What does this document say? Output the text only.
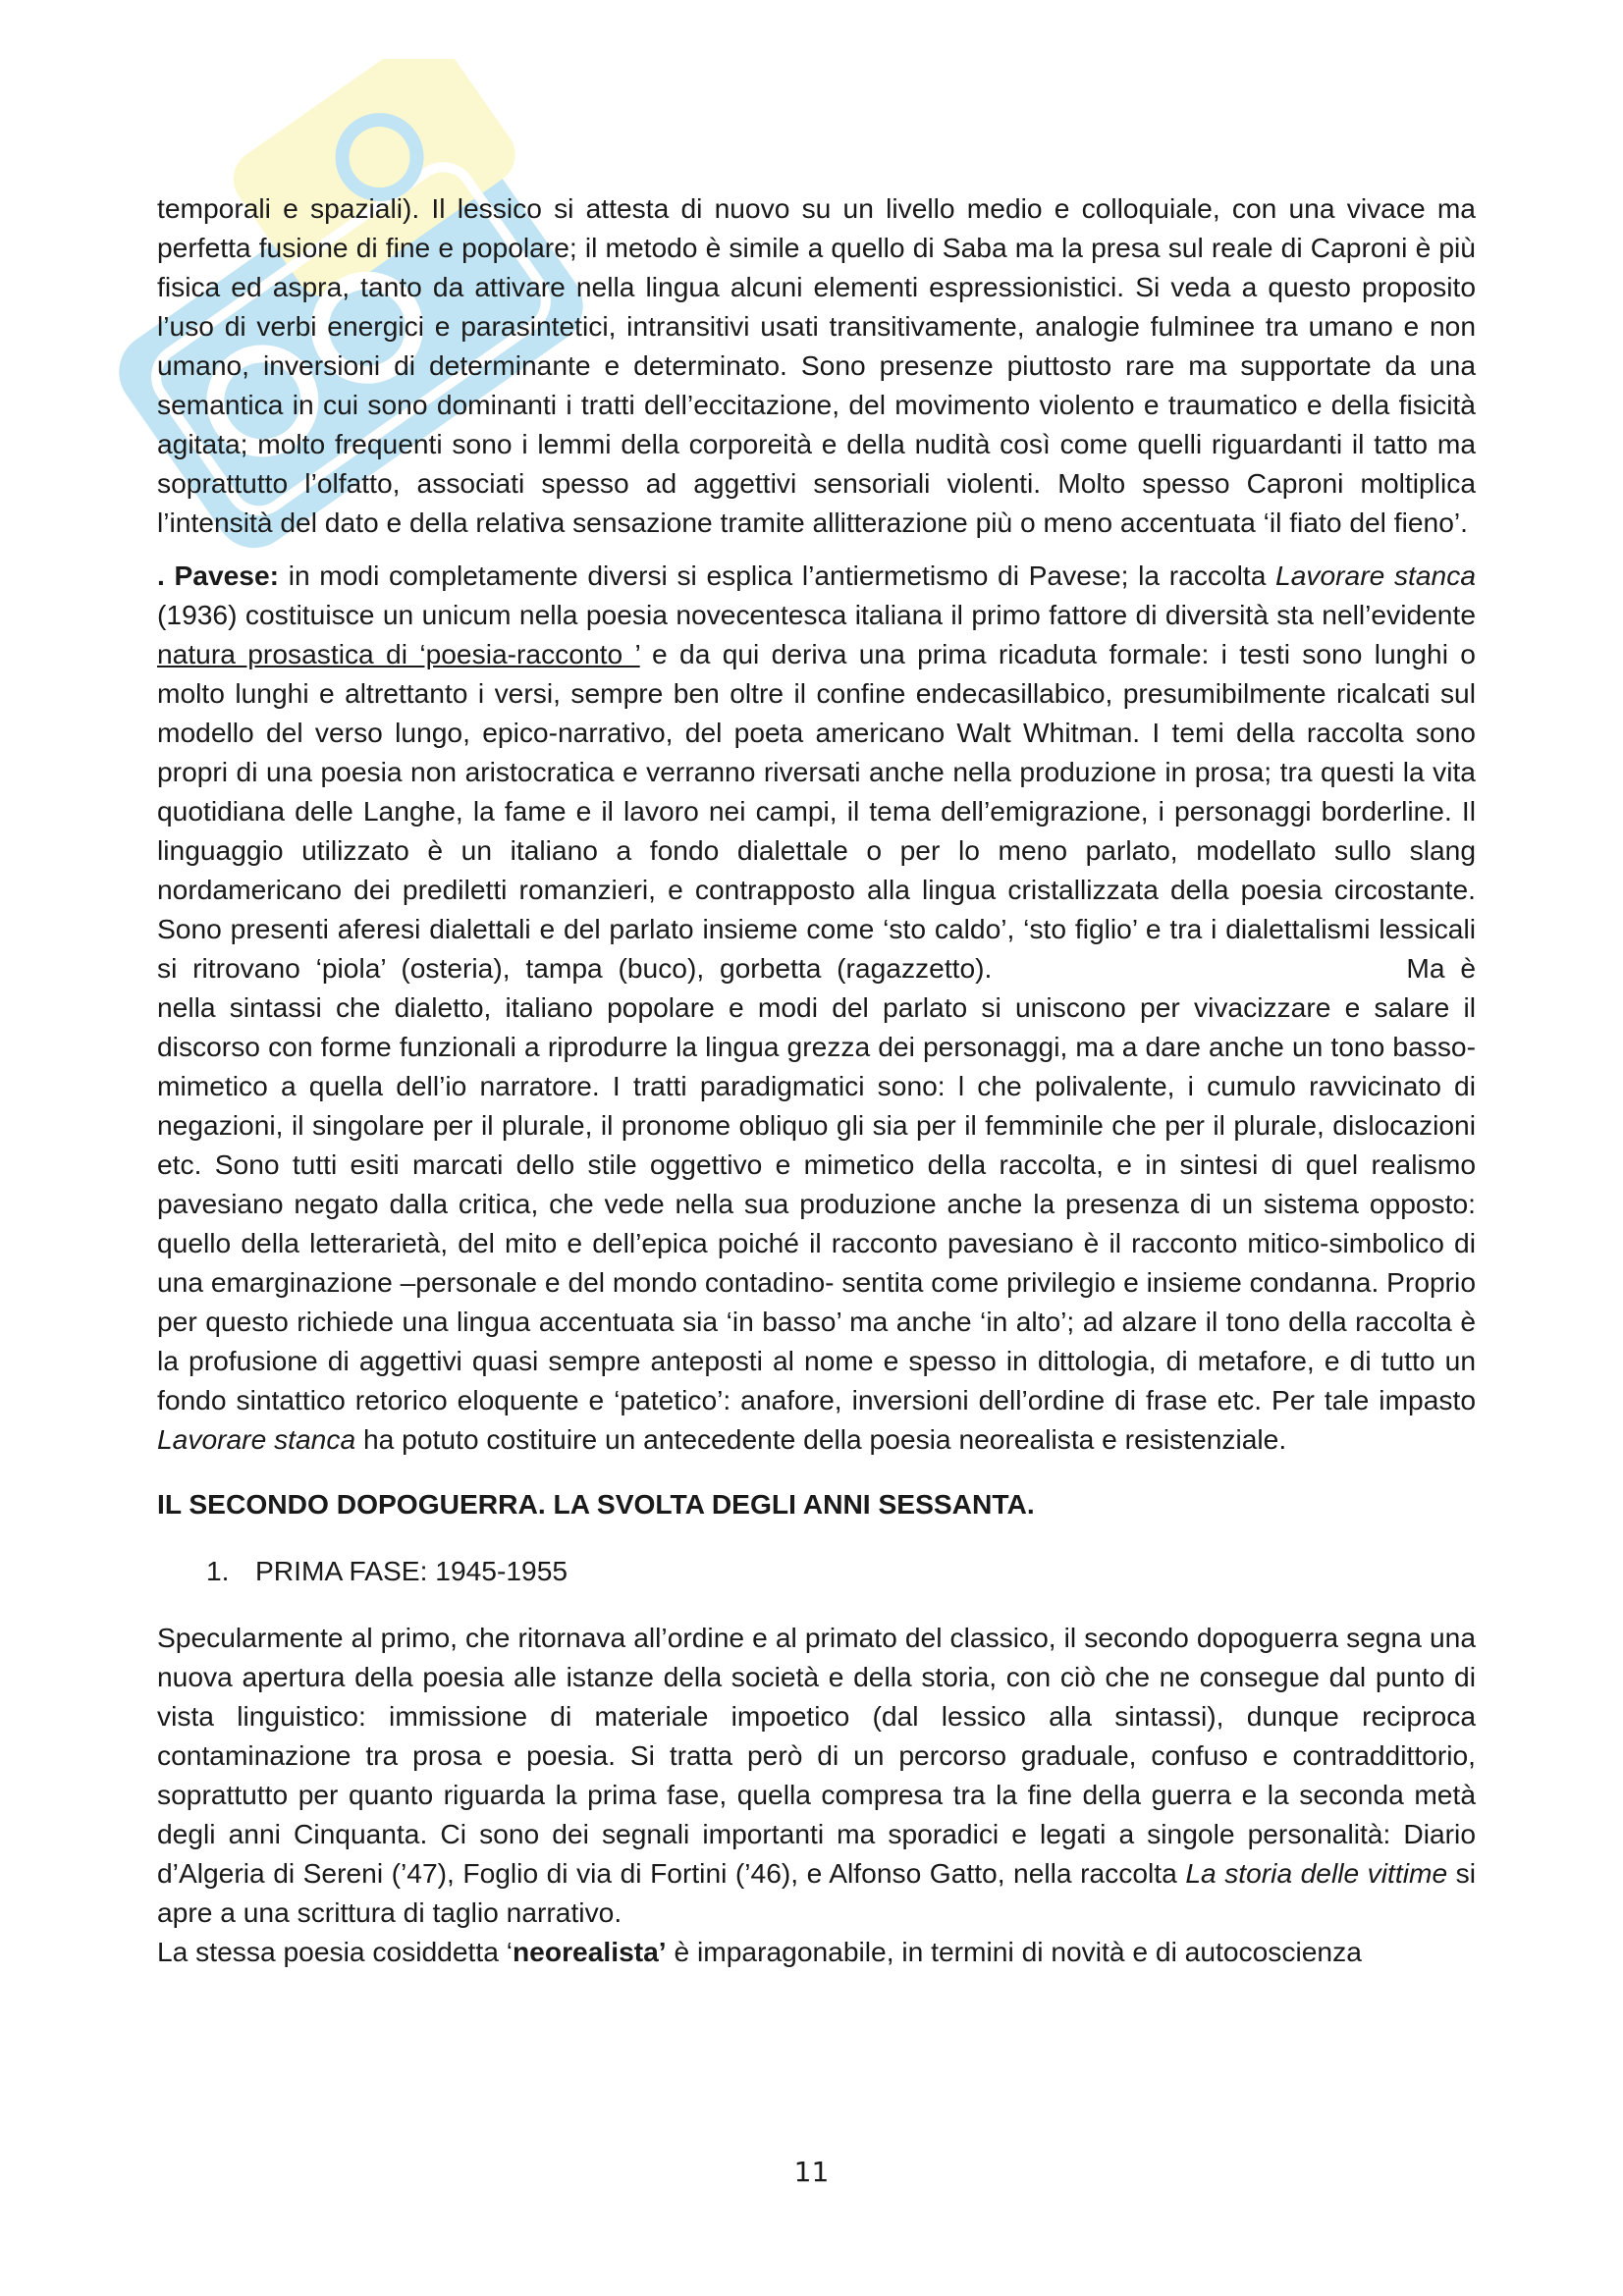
temporali e spaziali). Il lessico si attesta di nuovo su un livello medio e colloquiale, con una vivace ma perfetta fusione di fine e popolare; il metodo è simile a quello di Saba ma la presa sul reale di Caproni è più fisica ed aspra, tanto da attivare nella lingua alcuni elementi espressionistici. Si veda a questo proposito l’uso di verbi energici e parasintetici, intransitivi usati transitivamente, analogie fulminee tra umano e non umano, inversioni di determinante e determinato. Sono presenze piuttosto rare ma supportate da una semantica in cui sono dominanti i tratti dell’eccitazione, del movimento violento e traumatico e della fisicità agitata; molto frequenti sono i lemmi della corporeità e della nudità così come quelli riguardanti il tatto ma soprattutto l’olfatto, associati spesso ad aggettivi sensoriali violenti. Molto spesso Caproni moltiplica l’intensità del dato e della relativa sensazione tramite allitterazione più o meno accentuata ‘il fiato del fieno’.

. Pavese: in modi completamente diversi si esplica l’antiermetismo di Pavese; la raccolta Lavorare stanca (1936) costituisce un unicum nella poesia novecentesca italiana il primo fattore di diversità sta nell’evidente natura prosastica di ‘poesia-racconto ’ e da qui deriva una prima ricaduta formale: i testi sono lunghi o molto lunghi e altrettanto i versi, sempre ben oltre il confine endecasillabico, presumibilmente ricalcati sul modello del verso lungo, epico-narrativo, del poeta americano Walt Whitman. I temi della raccolta sono propri di una poesia non aristocratica e verranno riversati anche nella produzione in prosa; tra questi la vita quotidiana delle Langhe, la fame e il lavoro nei campi, il tema dell’emigrazione, i personaggi borderline. Il linguaggio utilizzato è un italiano a fondo dialettale o per lo meno parlato, modellato sullo slang nordamericano dei prediletti romanzieri, e contrapposto alla lingua cristallizzata della poesia circostante. Sono presenti aferesi dialettali e del parlato insieme come ‘sto caldo’, ‘sto figlio’ e tra i dialettalismi lessicali si ritrovano ‘piola’ (osteria), tampa (buco), gorbetta (ragazzetto).	Ma è nella sintassi che dialetto, italiano popolare e modi del parlato si uniscono per vivacizzare e salare il discorso con forme funzionali a riprodurre la lingua grezza dei personaggi, ma a dare anche un tono basso-mimetico a quella dell’io narratore. I tratti paradigmatici sono: l che polivalente, i cumulo ravvicinato di negazioni, il singolare per il plurale, il pronome obliquo gli sia per il femminile che per il plurale, dislocazioni etc. Sono tutti esiti marcati dello stile oggettivo e mimetico della raccolta, e in sintesi di quel realismo pavesiano negato dalla critica, che vede nella sua produzione anche la presenza di un sistema opposto: quello della letterarietà, del mito e dell’epica poiché il racconto pavesiano è il racconto mitico-simbolico di una emarginazione –personale e del mondo contadino- sentita come privilegio e insieme condanna. Proprio per questo richiede una lingua accentuata sia ‘in basso’ ma anche ‘in alto’; ad alzare il tono della raccolta è la profusione di aggettivi quasi sempre anteposti al nome e spesso in dittologia, di metafore, e di tutto un fondo sintattico retorico eloquente e ‘patetico’: anafore, inversioni dell’ordine di frase etc. Per tale impasto Lavorare stanca ha potuto costituire un antecedente della poesia neorealista e resistenziale.

IL SECONDO DOPOGUERRA. LA SVOLTA DEGLI ANNI SESSANTA.

1. PRIMA FASE: 1945-1955

Specularmente al primo, che ritornava all’ordine e al primato del classico, il secondo dopoguerra segna una nuova apertura della poesia alle istanze della società e della storia, con ciò che ne consegue dal punto di vista linguistico: immissione di materiale impoetico (dal lessico alla sintassi), dunque reciproca contaminazione tra prosa e poesia. Si tratta però di un percorso graduale, confuso e contraddittorio, soprattutto per quanto riguarda la prima fase, quella compresa tra la fine della guerra e la seconda metà degli anni Cinquanta. Ci sono dei segnali importanti ma sporadici e legati a singole personalità: Diario d’Algeria di Sereni (’47), Foglio di via di Fortini (’46), e Alfonso Gatto, nella raccolta La storia delle vittime si apre a una scrittura di taglio narrativo.

La stessa poesia cosiddetta ‘neorealista’ è imparagonabile, in termini di novità e di autocoscienza

11
